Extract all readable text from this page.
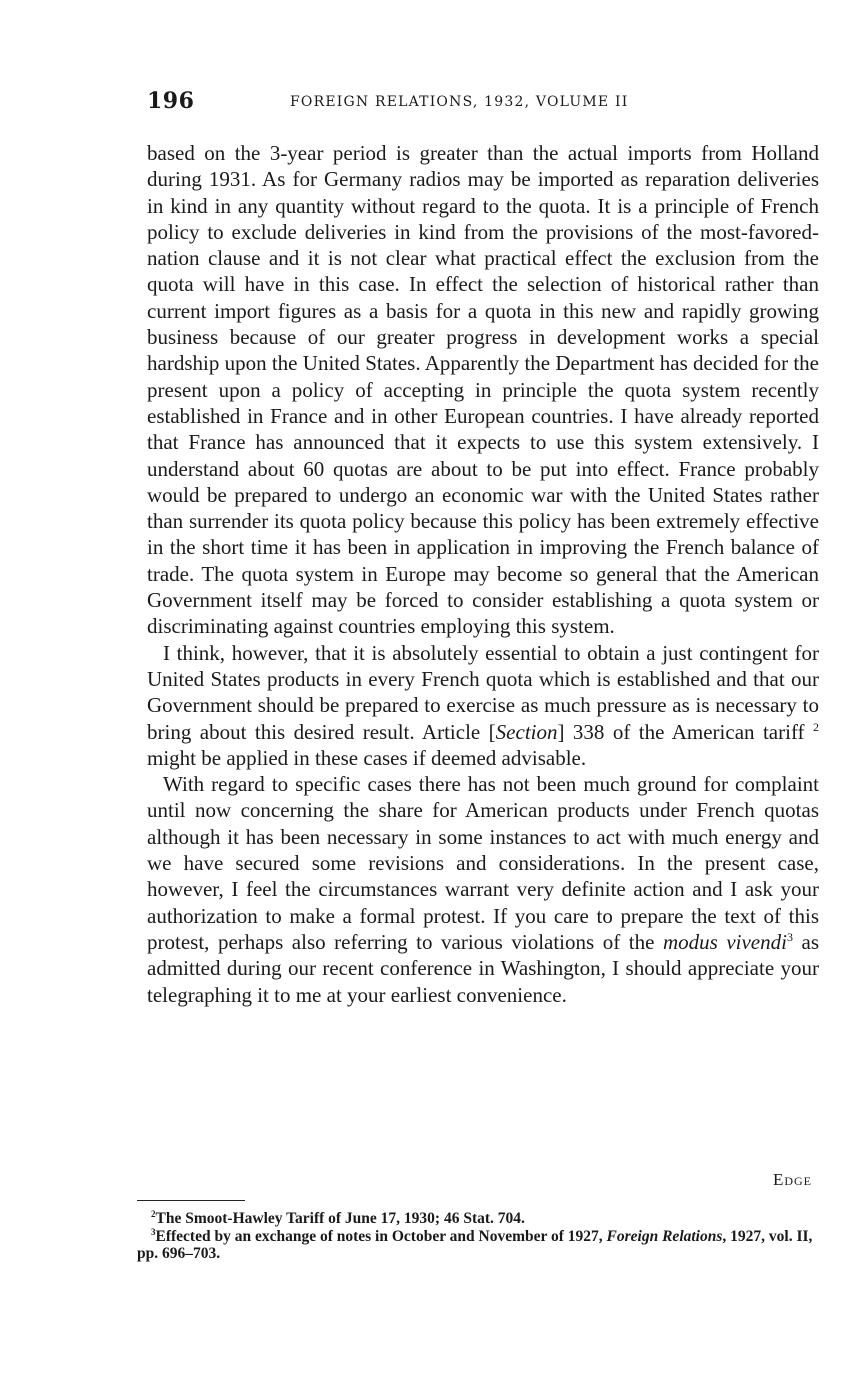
196	FOREIGN RELATIONS, 1932, VOLUME II

based on the 3-year period is greater than the actual imports from Holland during 1931. As for Germany radios may be imported as reparation deliveries in kind in any quantity without regard to the quota. It is a principle of French policy to exclude deliveries in kind from the provisions of the most-favored-nation clause and it is not clear what practical effect the exclusion from the quota will have in this case. In effect the selection of historical rather than current import figures as a basis for a quota in this new and rapidly growing business because of our greater progress in development works a special hardship upon the United States. Apparently the Department has decided for the present upon a policy of accepting in principle the quota system recently established in France and in other European countries. I have already reported that France has announced that it expects to use this system extensively. I understand about 60 quotas are about to be put into effect. France probably would be prepared to undergo an economic war with the United States rather than surrender its quota policy because this policy has been extremely effective in the short time it has been in application in improving the French balance of trade. The quota system in Europe may become so general that the American Government itself may be forced to consider establishing a quota system or discriminating against countries employing this system.

I think, however, that it is absolutely essential to obtain a just contingent for United States products in every French quota which is established and that our Government should be prepared to exercise as much pressure as is necessary to bring about this desired result. Article [Section] 338 of the American tariff $^2$ might be applied in these cases if deemed advisable.

With regard to specific cases there has not been much ground for complaint until now concerning the share for American products under French quotas although it has been necessary in some instances to act with much energy and we have secured some revisions and considerations. In the present case, however, I feel the circumstances warrant very definite action and I ask your authorization to make a formal protest. If you care to prepare the text of this protest, perhaps also referring to various violations of the modus vivendi$^3$ as admitted during our recent conference in Washington, I should appreciate your telegraphing it to me at your earliest convenience.

Edge

$^2$The Smoot-Hawley Tariff of June 17, 1930; 46 Stat. 704.

$^3$Effected by an exchange of notes in October and November of 1927, Foreign Relations, 1927, vol. II, pp. 696–703.
